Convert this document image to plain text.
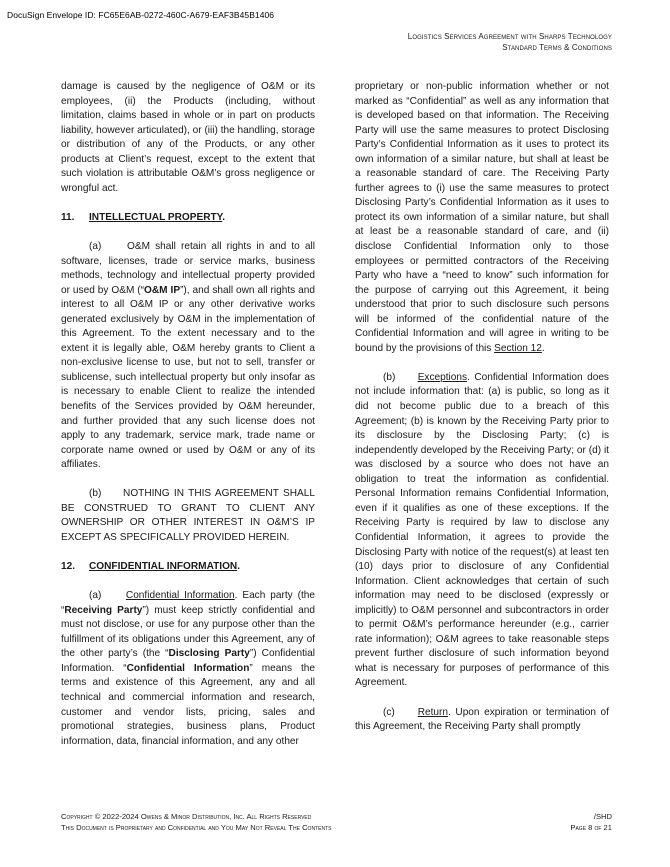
DocuSign Envelope ID: FC65E6AB-0272-460C-A679-EAF3B45B1406
Logistics Services Agreement with Sharps Technology
Standard Terms & Conditions

damage is caused by the negligence of O&M or its employees, (ii) the Products (including, without limitation, claims based in whole or in part on products liability, however articulated), or (iii) the handling, storage or distribution of any of the Products, or any other products at Client’s request, except to the extent that such violation is attributable O&M’s gross negligence or wrongful act.

11. INTELLECTUAL PROPERTY.

(a)	O&M shall retain all rights in and to all software, licenses, trade or service marks, business methods, technology and intellectual property provided or used by O&M (“O&M IP”), and shall own all rights and interest to all O&M IP or any other derivative works generated exclusively by O&M in the implementation of this Agreement. To the extent necessary and to the extent it is legally able, O&M hereby grants to Client a non-exclusive license to use, but not to sell, transfer or sublicense, such intellectual property but only insofar as is necessary to enable Client to realize the intended benefits of the Services provided by O&M hereunder, and further provided that any such license does not apply to any trademark, service mark, trade name or corporate name owned or used by O&M or any of its affiliates.

(b) NOTHING IN THIS AGREEMENT SHALL BE CONSTRUED TO GRANT TO CLIENT ANY OWNERSHIP OR OTHER INTEREST IN O&M’S IP EXCEPT AS SPECIFICALLY PROVIDED HEREIN.

12. CONFIDENTIAL INFORMATION.

(a) Confidential Information. Each party (the “Receiving Party”) must keep strictly confidential and must not disclose, or use for any purpose other than the fulfillment of its obligations under this Agreement, any of the other party’s (the “Disclosing Party”) Confidential Information. “Confidential Information” means the terms and existence of this Agreement, any and all technical and commercial information and research, customer and vendor lists, pricing, sales and promotional strategies, business plans, Product information, data, financial information, and any other

proprietary or non-public information whether or not marked as “Confidential” as well as any information that is developed based on that information. The Receiving Party will use the same measures to protect Disclosing Party’s Confidential Information as it uses to protect its own information of a similar nature, but shall at least be a reasonable standard of care. The Receiving Party further agrees to (i) use the same measures to protect Disclosing Party’s Confidential Information as it uses to protect its own information of a similar nature, but shall at least be a reasonable standard of care, and (ii) disclose Confidential Information only to those employees or permitted contractors of the Receiving Party who have a “need to know” such information for the purpose of carrying out this Agreement, it being understood that prior to such disclosure such persons will be informed of the confidential nature of the Confidential Information and will agree in writing to be bound by the provisions of this Section 12.

(b) Exceptions. Confidential Information does not include information that: (a) is public, so long as it did not become public due to a breach of this Agreement; (b) is known by the Receiving Party prior to its disclosure by the Disclosing Party; (c) is independently developed by the Receiving Party; or (d) it was disclosed by a source who does not have an obligation to treat the information as confidential. Personal Information remains Confidential Information, even if it qualifies as one of these exceptions. If the Receiving Party is required by law to disclose any Confidential Information, it agrees to provide the Disclosing Party with notice of the request(s) at least ten (10) days prior to disclosure of any Confidential Information. Client acknowledges that certain of such information may need to be disclosed (expressly or implicitly) to O&M personnel and subcontractors in order to permit O&M’s performance hereunder (e.g., carrier rate information); O&M agrees to take reasonable steps prevent further disclosure of such information beyond what is necessary for purposes of performance of this Agreement.

(c) Return. Upon expiration or termination of this Agreement, the Receiving Party shall promptly

Copyright © 2022-2024 Owens & Minor Distribution, Inc. All Rights Reserved
This Document is Proprietary and Confidential and You May Not Reveal The Contents
/SHD
Page 8 of 21
